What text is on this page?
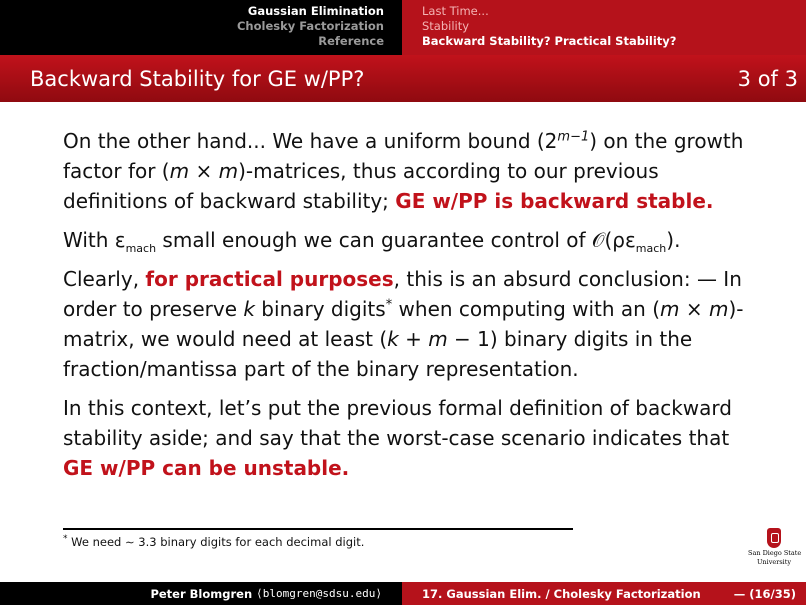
Gaussian Elimination
Cholesky Factorization
Reference
Last Time...
Stability
Backward Stability? Practical Stability?
Backward Stability for GE w/PP?	3 of 3

On the other hand... We have a uniform bound $(2^{m-1})$ on the growth factor for (m × m)-matrices, thus according to our previous definitions of backward stability; GE w/PP is backward stable.

With $\varepsilon_{mach}$ small enough we can guarantee control of $𝒪(\rho\varepsilon_{mach})$.

Clearly, for practical purposes, this is an absurd conclusion: — In order to preserve k binary digits* when computing with an (m × m)-matrix, we would need at least (k + m − 1) binary digits in the fraction/mantissa part of the binary representation.

In this context, let’s put the previous formal definition of backward stability aside; and say that the worst-case scenario indicates that GE w/PP can be unstable.

* We need ∼ 3.3 binary digits for each decimal digit.
San Diego State
University
Peter Blomgren
⟨blomgren@sdsu.edu⟩	17. Gaussian Elim. / Cholesky Factorization	— (16/35)
